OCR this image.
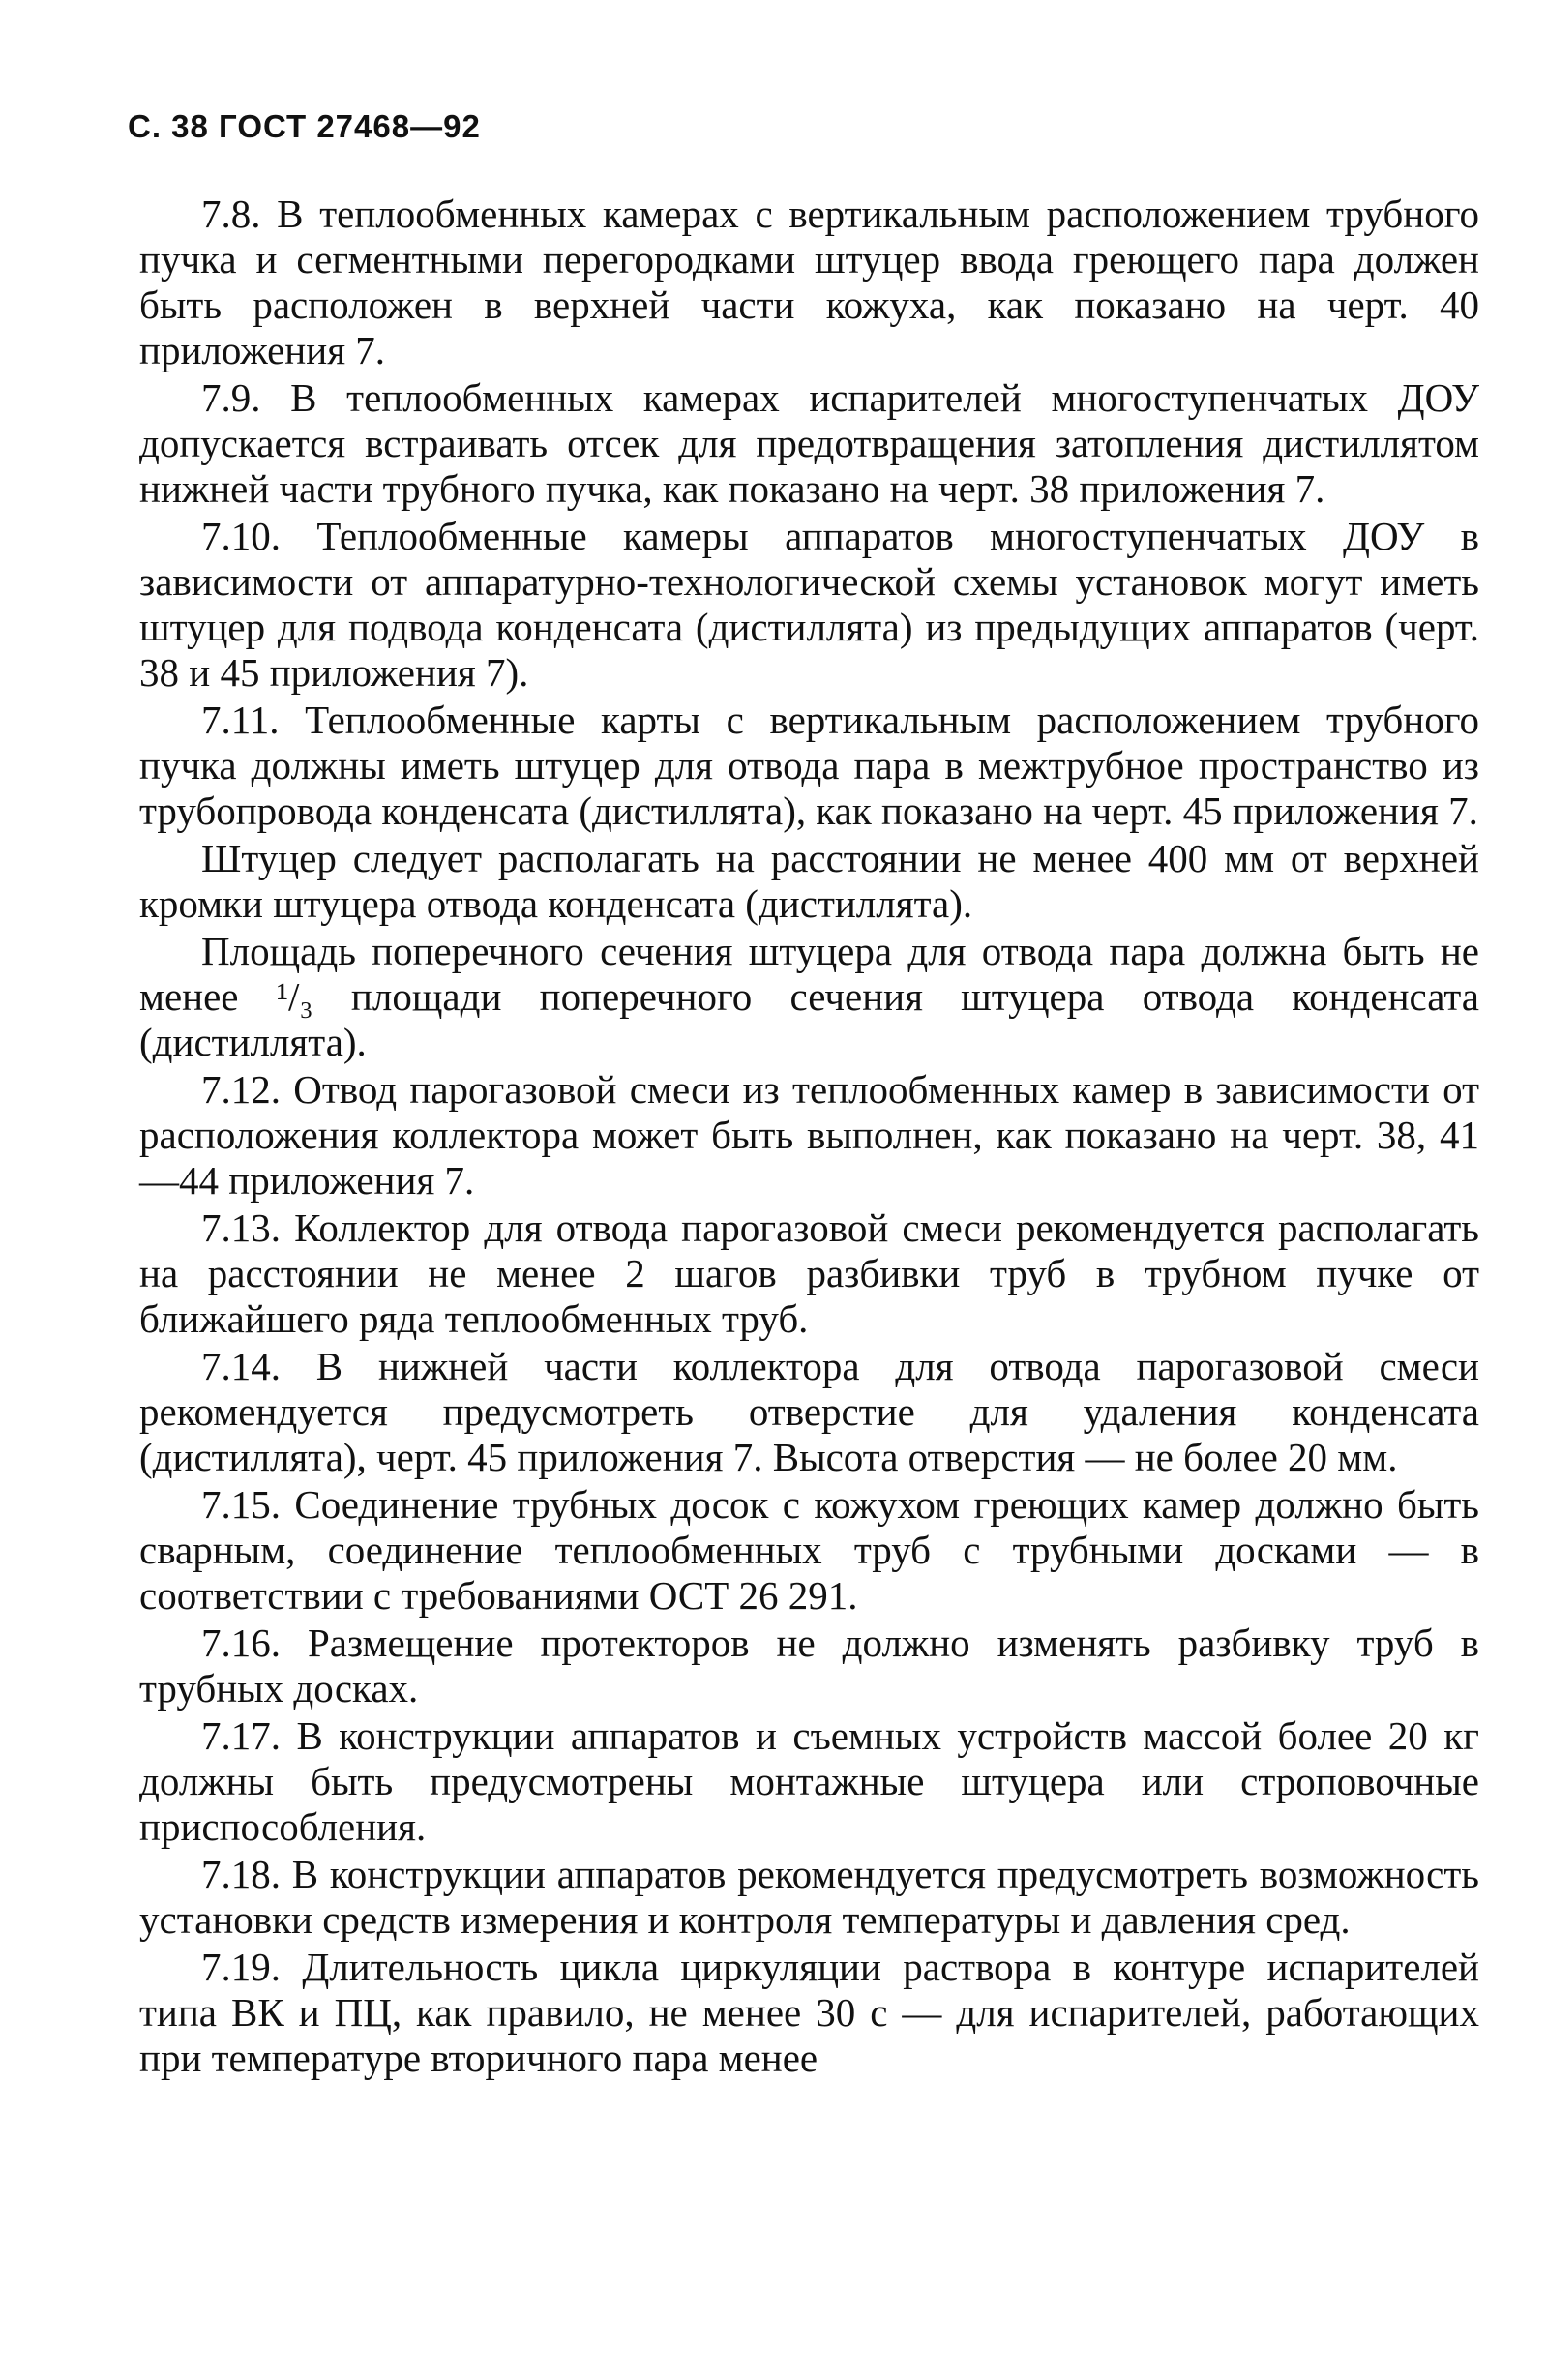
С. 38 ГОСТ 27468—92

7.8. В теплообменных камерах с вертикальным расположением трубного пучка и сегментными перегородками штуцер ввода греющего пара должен быть расположен в верхней части кожуха, как показано на черт. 40 приложения 7.

7.9. В теплообменных камерах испарителей многоступенчатых ДОУ допускается встраивать отсек для предотвращения затопления дистиллятом нижней части трубного пучка, как показано на черт. 38 приложения 7.

7.10. Теплообменные камеры аппаратов многоступенчатых ДОУ в зависимости от аппаратурно-технологической схемы установок могут иметь штуцер для подвода конденсата (дистиллята) из предыдущих аппаратов (черт. 38 и 45 приложения 7).

7.11. Теплообменные карты с вертикальным расположением трубного пучка должны иметь штуцер для отвода пара в межтрубное пространство из трубопровода конденсата (дистиллята), как показано на черт. 45 приложения 7.

Штуцер следует располагать на расстоянии не менее 400 мм от верхней кромки штуцера отвода конденсата (дистиллята).

Площадь поперечного сечения штуцера для отвода пара должна быть не менее ¹/₃ площади поперечного сечения штуцера отвода конденсата (дистиллята).

7.12. Отвод парогазовой смеси из теплообменных камер в зависимости от расположения коллектора может быть выполнен, как показано на черт. 38, 41—44 приложения 7.

7.13. Коллектор для отвода парогазовой смеси рекомендуется располагать на расстоянии не менее 2 шагов разбивки труб в трубном пучке от ближайшего ряда теплообменных труб.

7.14. В нижней части коллектора для отвода парогазовой смеси рекомендуется предусмотреть отверстие для удаления конденсата (дистиллята), черт. 45 приложения 7. Высота отверстия — не более 20 мм.

7.15. Соединение трубных досок с кожухом греющих камер должно быть сварным, соединение теплообменных труб с трубными досками — в соответствии с требованиями ОСТ 26 291.

7.16. Размещение протекторов не должно изменять разбивку труб в трубных досках.

7.17. В конструкции аппаратов и съемных устройств массой более 20 кг должны быть предусмотрены монтажные штуцера или строповочные приспособления.

7.18. В конструкции аппаратов рекомендуется предусмотреть возможность установки средств измерения и контроля температуры и давления сред.

7.19. Длительность цикла циркуляции раствора в контуре испарителей типа ВК и ПЦ, как правило, не менее 30 с — для испарителей, работающих при температуре вторичного пара менее
